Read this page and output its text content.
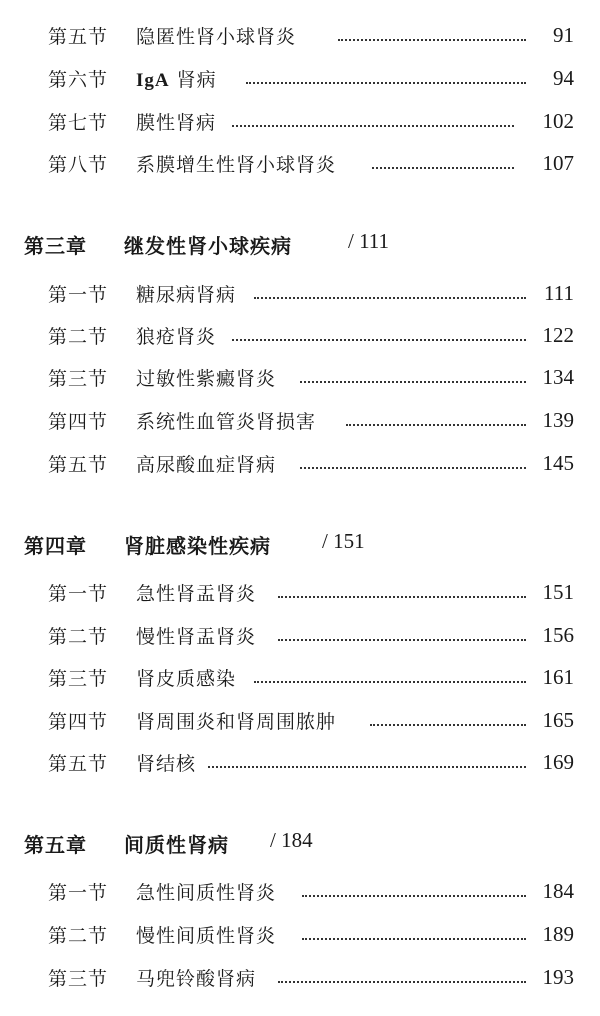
第五节 隐匿性肾小球肾炎	91
第六节 IgA 肾病	94
第七节 膜性肾病	102
第八节 系膜增生性肾小球肾炎	107
第三章 继发性肾小球疾病	/ 111
第一节 糖尿病肾病	111
第二节 狼疮肾炎	122
第三节 过敏性紫癜肾炎	134
第四节 系统性血管炎肾损害	139
第五节 高尿酸血症肾病	145
第四章 肾脏感染性疾病 / 151
第一节 急性肾盂肾炎	151
第二节 慢性肾盂肾炎	156
第三节 肾皮质感染	161
第四节 肾周围炎和肾周围脓肿	165
第五节 肾结核	169
第五章 间质性肾病 / 184
第一节 急性间质性肾炎	184
第二节 慢性间质性肾炎	189
第三节 马兜铃酸肾病	193
